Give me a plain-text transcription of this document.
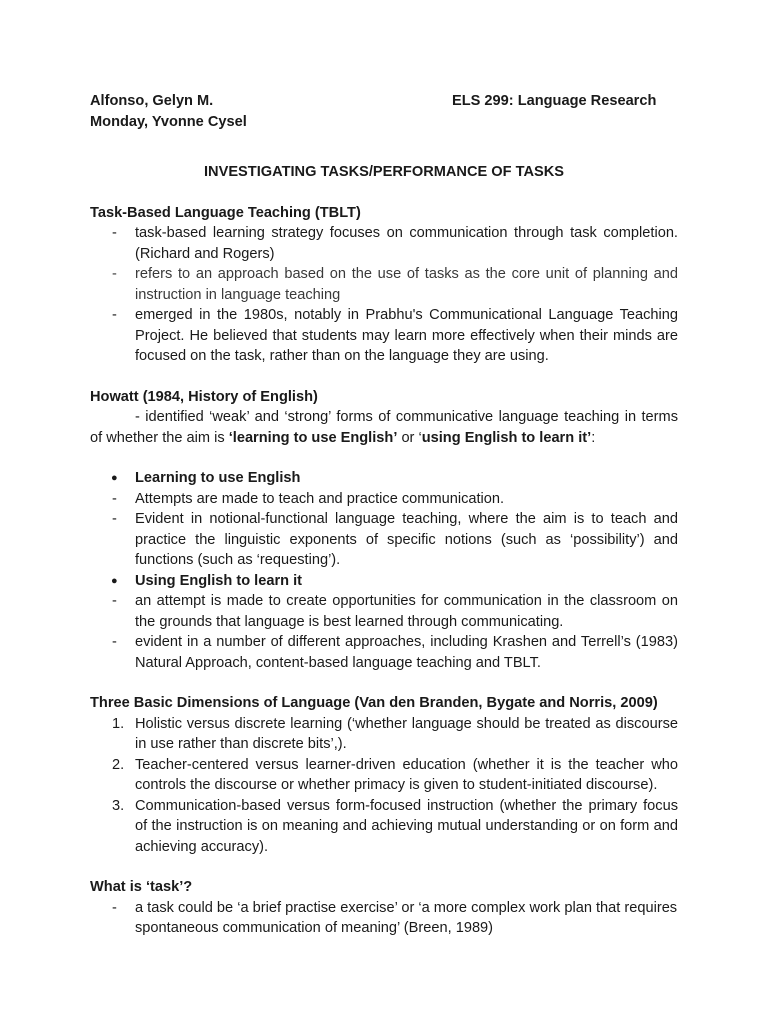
Alfonso, Gelyn M.
Monday, Yvonne Cysel
ELS 299: Language Research
INVESTIGATING TASKS/PERFORMANCE OF TASKS
Task-Based Language Teaching (TBLT)
- task-based learning strategy focuses on communication through task completion. (Richard and Rogers)
- refers to an approach based on the use of tasks as the core unit of planning and instruction in language teaching
- emerged in the 1980s, notably in Prabhu's Communicational Language Teaching Project. He believed that students may learn more effectively when their minds are focused on the task, rather than on the language they are using.
Howatt (1984, History of English)
- identified ‘weak’ and ‘strong’ forms of communicative language teaching in terms of whether the aim is ‘learning to use English’ or ‘using English to learn it’:
● Learning to use English
- Attempts are made to teach and practice communication.
- Evident in notional-functional language teaching, where the aim is to teach and practice the linguistic exponents of specific notions (such as ‘possibility’) and functions (such as ‘requesting’).
● Using English to learn it
- an attempt is made to create opportunities for communication in the classroom on the grounds that language is best learned through communicating.
- evident in a number of different approaches, including Krashen and Terrell’s (1983) Natural Approach, content-based language teaching and TBLT.
Three Basic Dimensions of Language (Van den Branden, Bygate and Norris, 2009)
1. Holistic versus discrete learning (‘whether language should be treated as discourse in use rather than discrete bits’,).
2. Teacher-centered versus learner-driven education (whether it is the teacher who controls the discourse or whether primacy is given to student-initiated discourse).
3. Communication-based versus form-focused instruction (whether the primary focus of the instruction is on meaning and achieving mutual understanding or on form and achieving accuracy).
What is ‘task’?
- a task could be ‘a brief practise exercise’ or ‘a more complex work plan that requires spontaneous communication of meaning’ (Breen, 1989)
